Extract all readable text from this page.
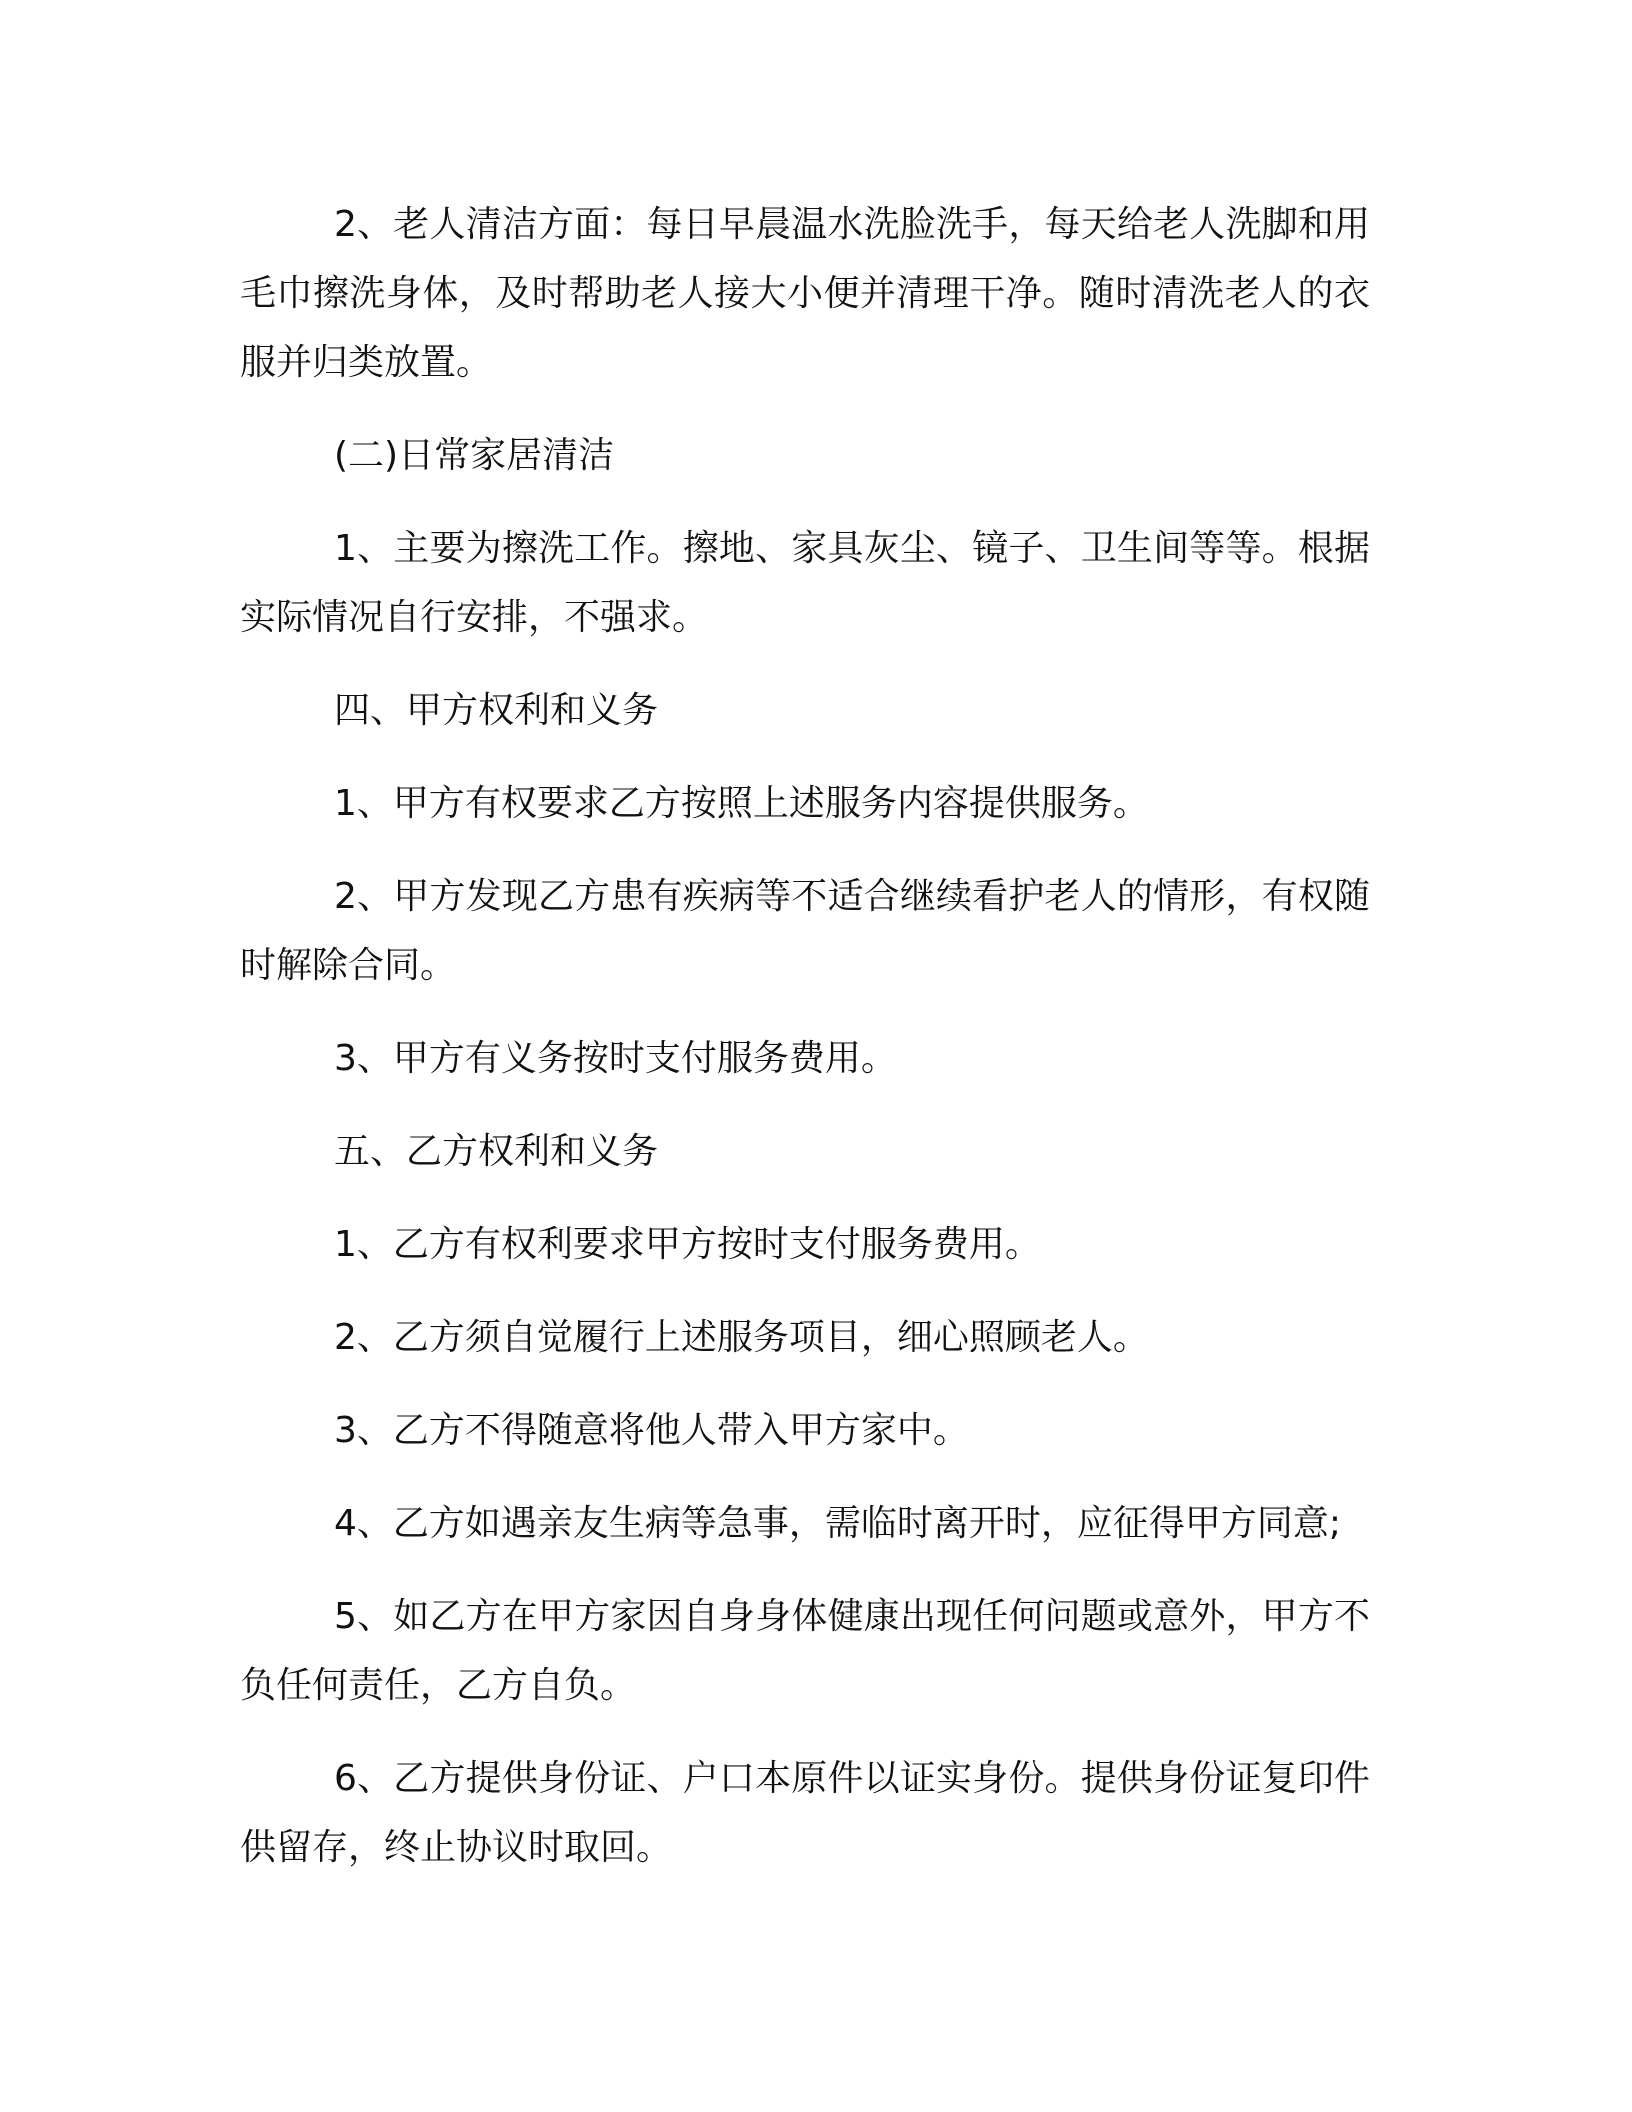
2、老人清洁方面：每日早晨温水洗脸洗手，每天给老人洗脚和用毛巾擦洗身体，及时帮助老人接大小便并清理干净。随时清洗老人的衣服并归类放置。

(二)日常家居清洁

1、主要为擦洗工作。擦地、家具灰尘、镜子、卫生间等等。根据实际情况自行安排，不强求。

四、甲方权利和义务

1、甲方有权要求乙方按照上述服务内容提供服务。

2、甲方发现乙方患有疾病等不适合继续看护老人的情形，有权随时解除合同。

3、甲方有义务按时支付服务费用。

五、乙方权利和义务

1、乙方有权利要求甲方按时支付服务费用。

2、乙方须自觉履行上述服务项目，细心照顾老人。

3、乙方不得随意将他人带入甲方家中。

4、乙方如遇亲友生病等急事，需临时离开时，应征得甲方同意;

5、如乙方在甲方家因自身身体健康出现任何问题或意外，甲方不负任何责任，乙方自负。

6、乙方提供身份证、户口本原件以证实身份。提供身份证复印件供留存，终止协议时取回。
